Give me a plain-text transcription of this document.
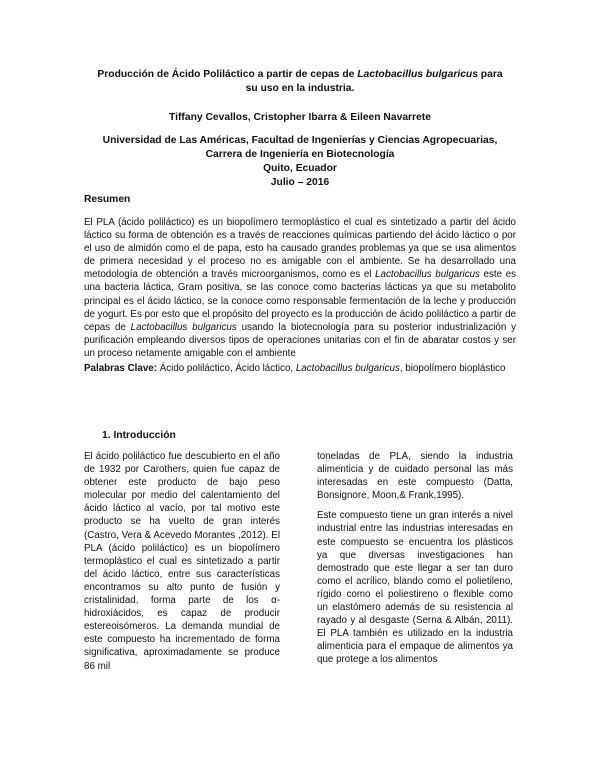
Producción de Ácido Poliláctico a partir de cepas de Lactobacillus bulgaricus para
su uso en la industria.
Tiffany Cevallos, Cristopher Ibarra & Eileen Navarrete
Universidad de Las Américas, Facultad de Ingenierías y Ciencias Agropecuarias,
Carrera de Ingeniería en Biotecnología
Quito, Ecuador
Julio – 2016
Resumen
El PLA (ácido poliláctico) es un biopolímero termoplástico el cual es sintetizado a partir del ácido láctico su forma de obtención es a través de reacciones químicas partiendo del ácido láctico o por el uso de almidón como el de papa, esto ha causado grandes problemas ya que se usa alimentos de primera necesidad y el proceso no es amigable con el ambiente. Se ha desarrollado una metodología de obtención a través microorganismos, como es el Lactobacillus bulgaricus este es una bacteria láctica, Gram positiva, se las conoce como bacterias lácticas ya que su metabolito principal es el ácido láctico, se la conoce como responsable fermentación de la leche y producción de yogurt. Es por esto que el propósito del proyecto es la producción de ácido poliláctico a partir de cepas de Lactobacillus bulgaricus usando la biotecnología para su posterior industrialización y purificación empleando diversos tipos de operaciones unitarias con el fin de abaratar costos y ser un proceso netamente amigable con el ambiente
Palabras Clave: Ácido poliláctico, Ácido láctico, Lactobacillus bulgaricus, biopolímero bioplástico
1. Introducción

El ácido poliláctico fue descubierto en el año de 1932 por Carothers, quien fue capaz de obtener este producto de bajo peso molecular por medio del calentamiento del ácido láctico al vacío, por tal motivo este producto se ha vuelto de gran interés (Castro, Vera & Acevedo Morantes ,2012). El PLA (ácido poliláctico) es un biopolímero termoplástico el cual es sintetizado a partir del ácido láctico, entre sus características encontramos su alto punto de fusión y cristalinidad, forma parte de los α-hidroxiácidos, es capaz de producir estereoisómeros. La demanda mundial de este compuesto ha incrementado de forma significativa, aproximadamente se produce 86 mil

toneladas de PLA, siendo la industria alimenticia y de cuidado personal las más interesadas en este compuesto (Datta, Bonsignore, Moon,& Frank,1995).

Este compuesto tiene un gran interés a nivel industrial entre las industrias interesadas en este compuesto se encuentra los plásticos ya que diversas investigaciones han demostrado que este llegar a ser tan duro como el acrílico, blando como el polietileno, rígido como el poliestireno o flexible como un elastómero además de su resistencia al rayado y al desgaste (Serna & Albán, 2011). El PLA también es utilizado en la industria alimenticia para el empaque de alimentos ya que protege a los alimentos
